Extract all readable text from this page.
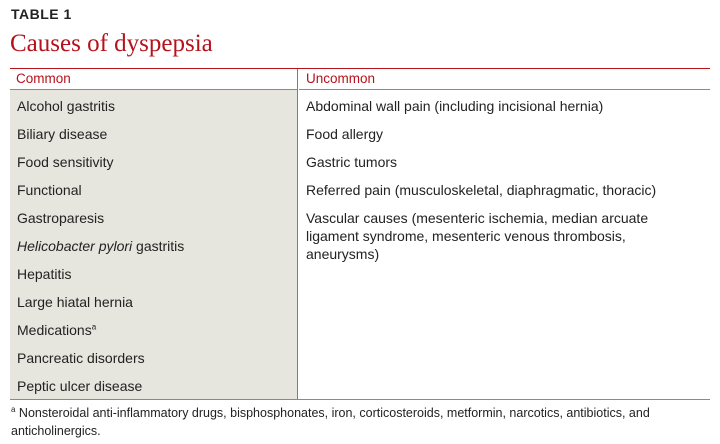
TABLE 1
Causes of dyspepsia
Common
Alcohol gastritis
Biliary disease
Food sensitivity
Functional
Gastroparesis
Helicobacter pylori gastritis
Hepatitis
Large hiatal hernia
Medications$^a$
Pancreatic disorders
Peptic ulcer disease
Uncommon
Abdominal wall pain (including incisional hernia)
Food allergy
Gastric tumors
Referred pain (musculoskeletal, diaphragmatic, thoracic)
Vascular causes (mesenteric ischemia, median arcuate ligament syndrome, mesenteric venous thrombosis, aneurysms)
$^a$ Nonsteroidal anti-inflammatory drugs, bisphosphonates, iron, corticosteroids, metformin, narcotics, antibiotics, and anticholinergics.
